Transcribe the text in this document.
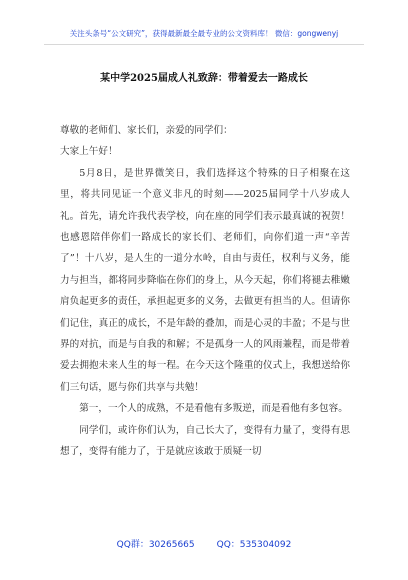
关注头条号“公文研究”，获得最新最全最专业的公文资料库！ 微信：gongwenyj
某中学2025届成人礼致辞：带着爱去一路成长

尊敬的老师们、家长们，亲爱的同学们：

大家上午好！

5月8日，是世界微笑日，我们选择这个特殊的日子相聚在这里，将共同见证一个意义非凡的时刻——2025届同学十八岁成人礼。首先，请允许我代表学校，向在座的同学们表示最真诚的祝贺！也感恩陪伴你们一路成长的家长们、老师们，向你们道一声“辛苦了”！十八岁，是人生的一道分水岭，自由与责任，权利与义务，能力与担当，都将同步降临在你们的身上，从今天起，你们将褪去稚嫩肩负起更多的责任，承担起更多的义务，去做更有担当的人。但请你们记住，真正的成长，不是年龄的叠加，而是心灵的丰盈；不是与世界的对抗，而是与自我的和解；不是孤身一人的风雨兼程，而是带着爱去拥抱未来人生的每一程。在今天这个隆重的仪式上，我想送给你们三句话，愿与你们共享与共勉！

第一，一个人的成熟，不是看他有多叛逆，而是看他有多包容。

同学们，或许你们认为，自己长大了，变得有力量了，变得有思想了，变得有能力了，于是就应该敢于质疑一切

QQ群：30265665 QQ：535304092
